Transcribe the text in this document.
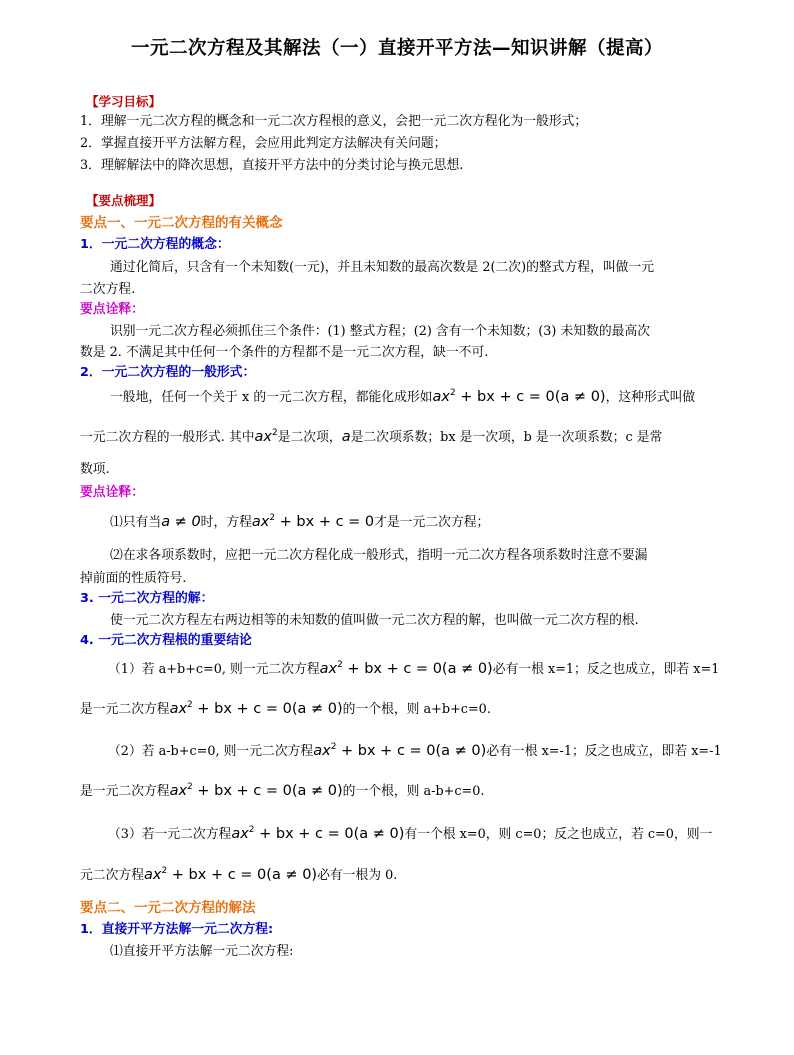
一元二次方程及其解法（一）直接开平方法—知识讲解（提高）
【学习目标】
1．理解一元二次方程的概念和一元二次方程根的意义，会把一元二次方程化为一般形式；
2．掌握直接开平方法解方程，会应用此判定方法解决有关问题；
3．理解解法中的降次思想，直接开平方法中的分类讨论与换元思想.
【要点梳理】
要点一、一元二次方程的有关概念
1．一元二次方程的概念：
通过化简后，只含有一个未知数(一元)，并且未知数的最高次数是 2(二次)的整式方程，叫做一元
二次方程.
要点诠释：
识别一元二次方程必须抓住三个条件：(1) 整式方程；(2) 含有一个未知数；(3) 未知数的最高次
数是 2. 不满足其中任何一个条件的方程都不是一元二次方程，缺一不可.
2．一元二次方程的一般形式：
一般地，任何一个关于 x 的一元二次方程，都能化成形如$ax^2$ + bx + c = 0(a ≠ 0)，这种形式叫做
一元二次方程的一般形式. 其中$ax^2$是二次项，a是二次项系数；bx 是一次项，b 是一次项系数；c 是常
数项.
要点诠释：
⑴只有当a ≠ 0时，方程$ax^2$ + bx + c = 0才是一元二次方程；
⑵在求各项系数时，应把一元二次方程化成一般形式，指明一元二次方程各项系数时注意不要漏
掉前面的性质符号.
3. 一元二次方程的解：
使一元二次方程左右两边相等的未知数的值叫做一元二次方程的解，也叫做一元二次方程的根.
4. 一元二次方程根的重要结论
（1）若 a+b+c=0, 则一元二次方程$ax^2$ + bx + c = 0(a ≠ 0)必有一根 x=1；反之也成立，即若 x=1
是一元二次方程$ax^2$ + bx + c = 0(a ≠ 0)的一个根，则 a+b+c=0.
（2）若 a-b+c=0, 则一元二次方程$ax^2$ + bx + c = 0(a ≠ 0)必有一根 x=-1；反之也成立，即若 x=-1
是一元二次方程$ax^2$ + bx + c = 0(a ≠ 0)的一个根，则 a-b+c=0.
（3）若一元二次方程$ax^2$ + bx + c = 0(a ≠ 0)有一个根 x=0，则 c=0；反之也成立，若 c=0，则一
元二次方程$ax^2$ + bx + c = 0(a ≠ 0)必有一根为 0.
要点二、一元二次方程的解法
1．直接开平方法解一元二次方程:
⑴直接开平方法解一元二次方程:
